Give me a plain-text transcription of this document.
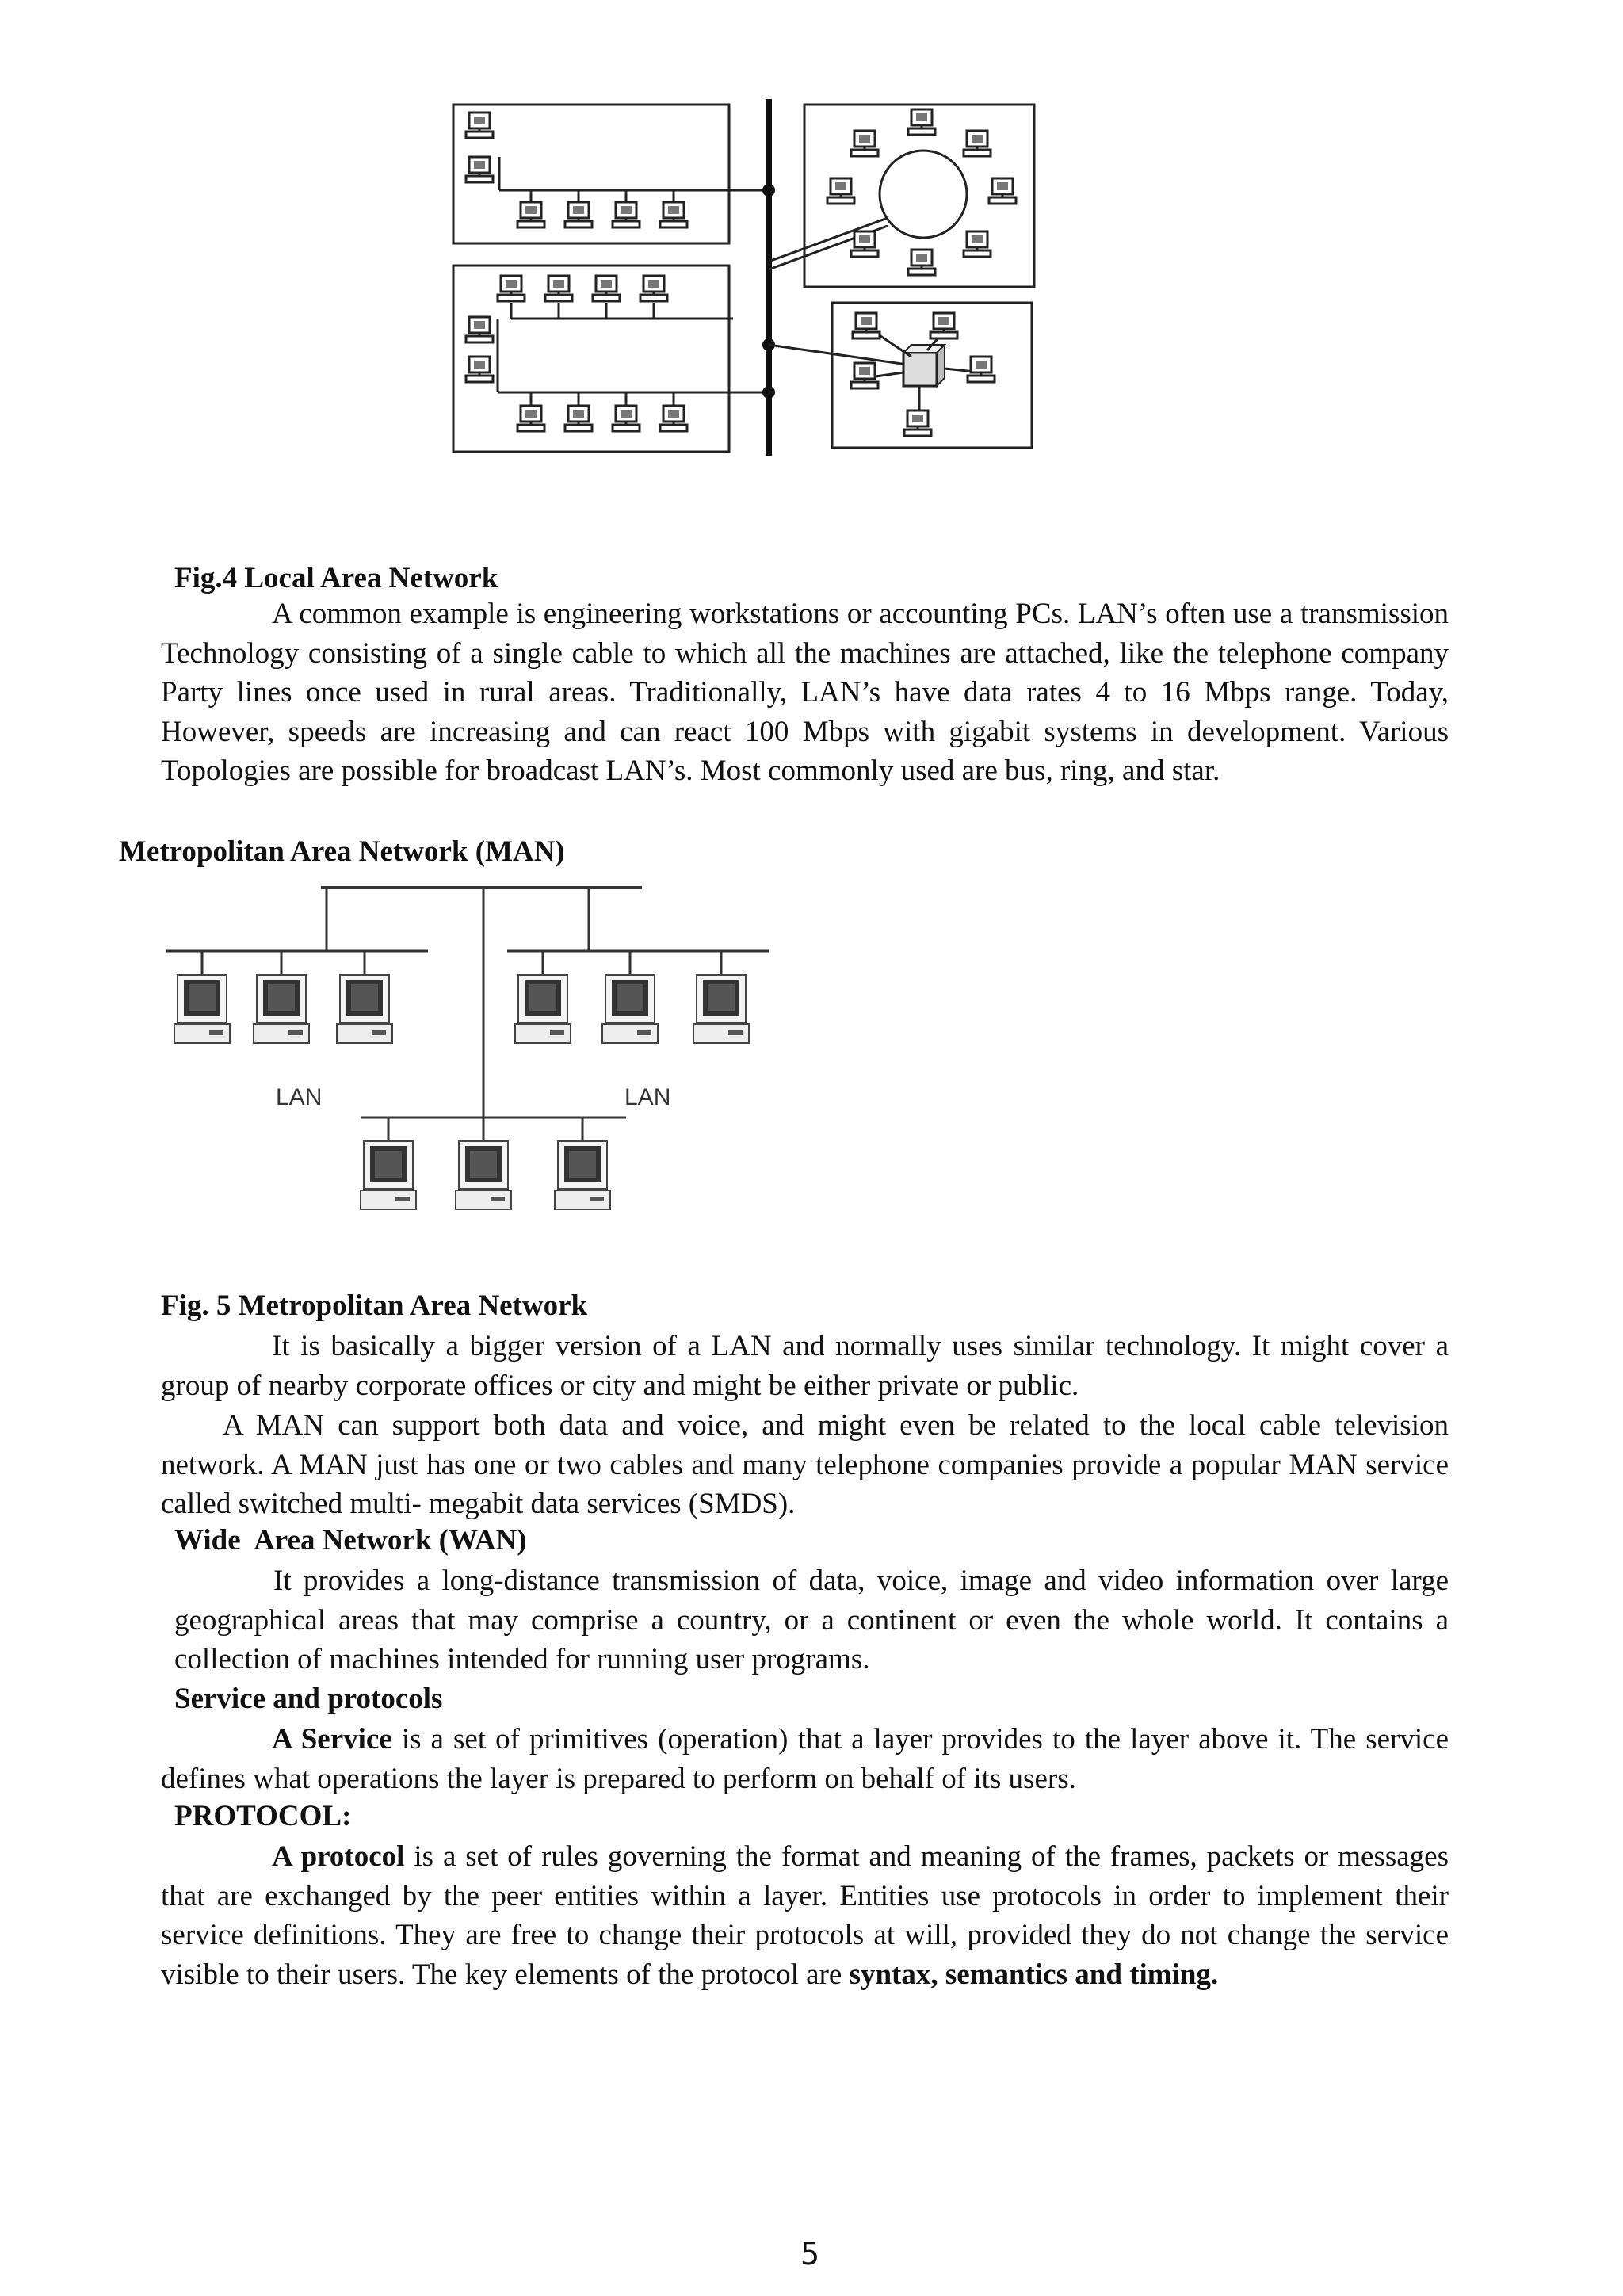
Fig.4 Local Area Network

A common example is engineering workstations or accounting PCs. LAN’s often use a transmission Technology consisting of a single cable to which all the machines are attached, like the telephone company Party lines once used in rural areas. Traditionally, LAN’s have data rates 4 to 16 Mbps range. Today, However, speeds are increasing and can react 100 Mbps with gigabit systems in development. Various Topologies are possible for broadcast LAN’s. Most commonly used are bus, ring, and star.

Metropolitan Area Network (MAN)
LAN	LAN
Fig. 5 Metropolitan Area Network

It is basically a bigger version of a LAN and normally uses similar technology. It might cover a group of nearby corporate offices or city and might be either private or public.

A MAN can support both data and voice, and might even be related to the local cable television network. A MAN just has one or two cables and many telephone companies provide a popular MAN service called switched multi- megabit data services (SMDS).

Wide  Area Network (WAN)

It provides a long-distance transmission of data, voice, image and video information over large geographical areas that may comprise a country, or a continent or even the whole world. It contains a collection of machines intended for running user programs.

Service and protocols

A Service is a set of primitives (operation) that a layer provides to the layer above it. The service defines what operations the layer is prepared to perform on behalf of its users.

PROTOCOL:

A protocol is a set of rules governing the format and meaning of the frames, packets or messages that are exchanged by the peer entities within a layer. Entities use protocols in order to implement their service definitions. They are free to change their protocols at will, provided they do not change the service visible to their users. The key elements of the protocol are syntax, semantics and timing.

5
